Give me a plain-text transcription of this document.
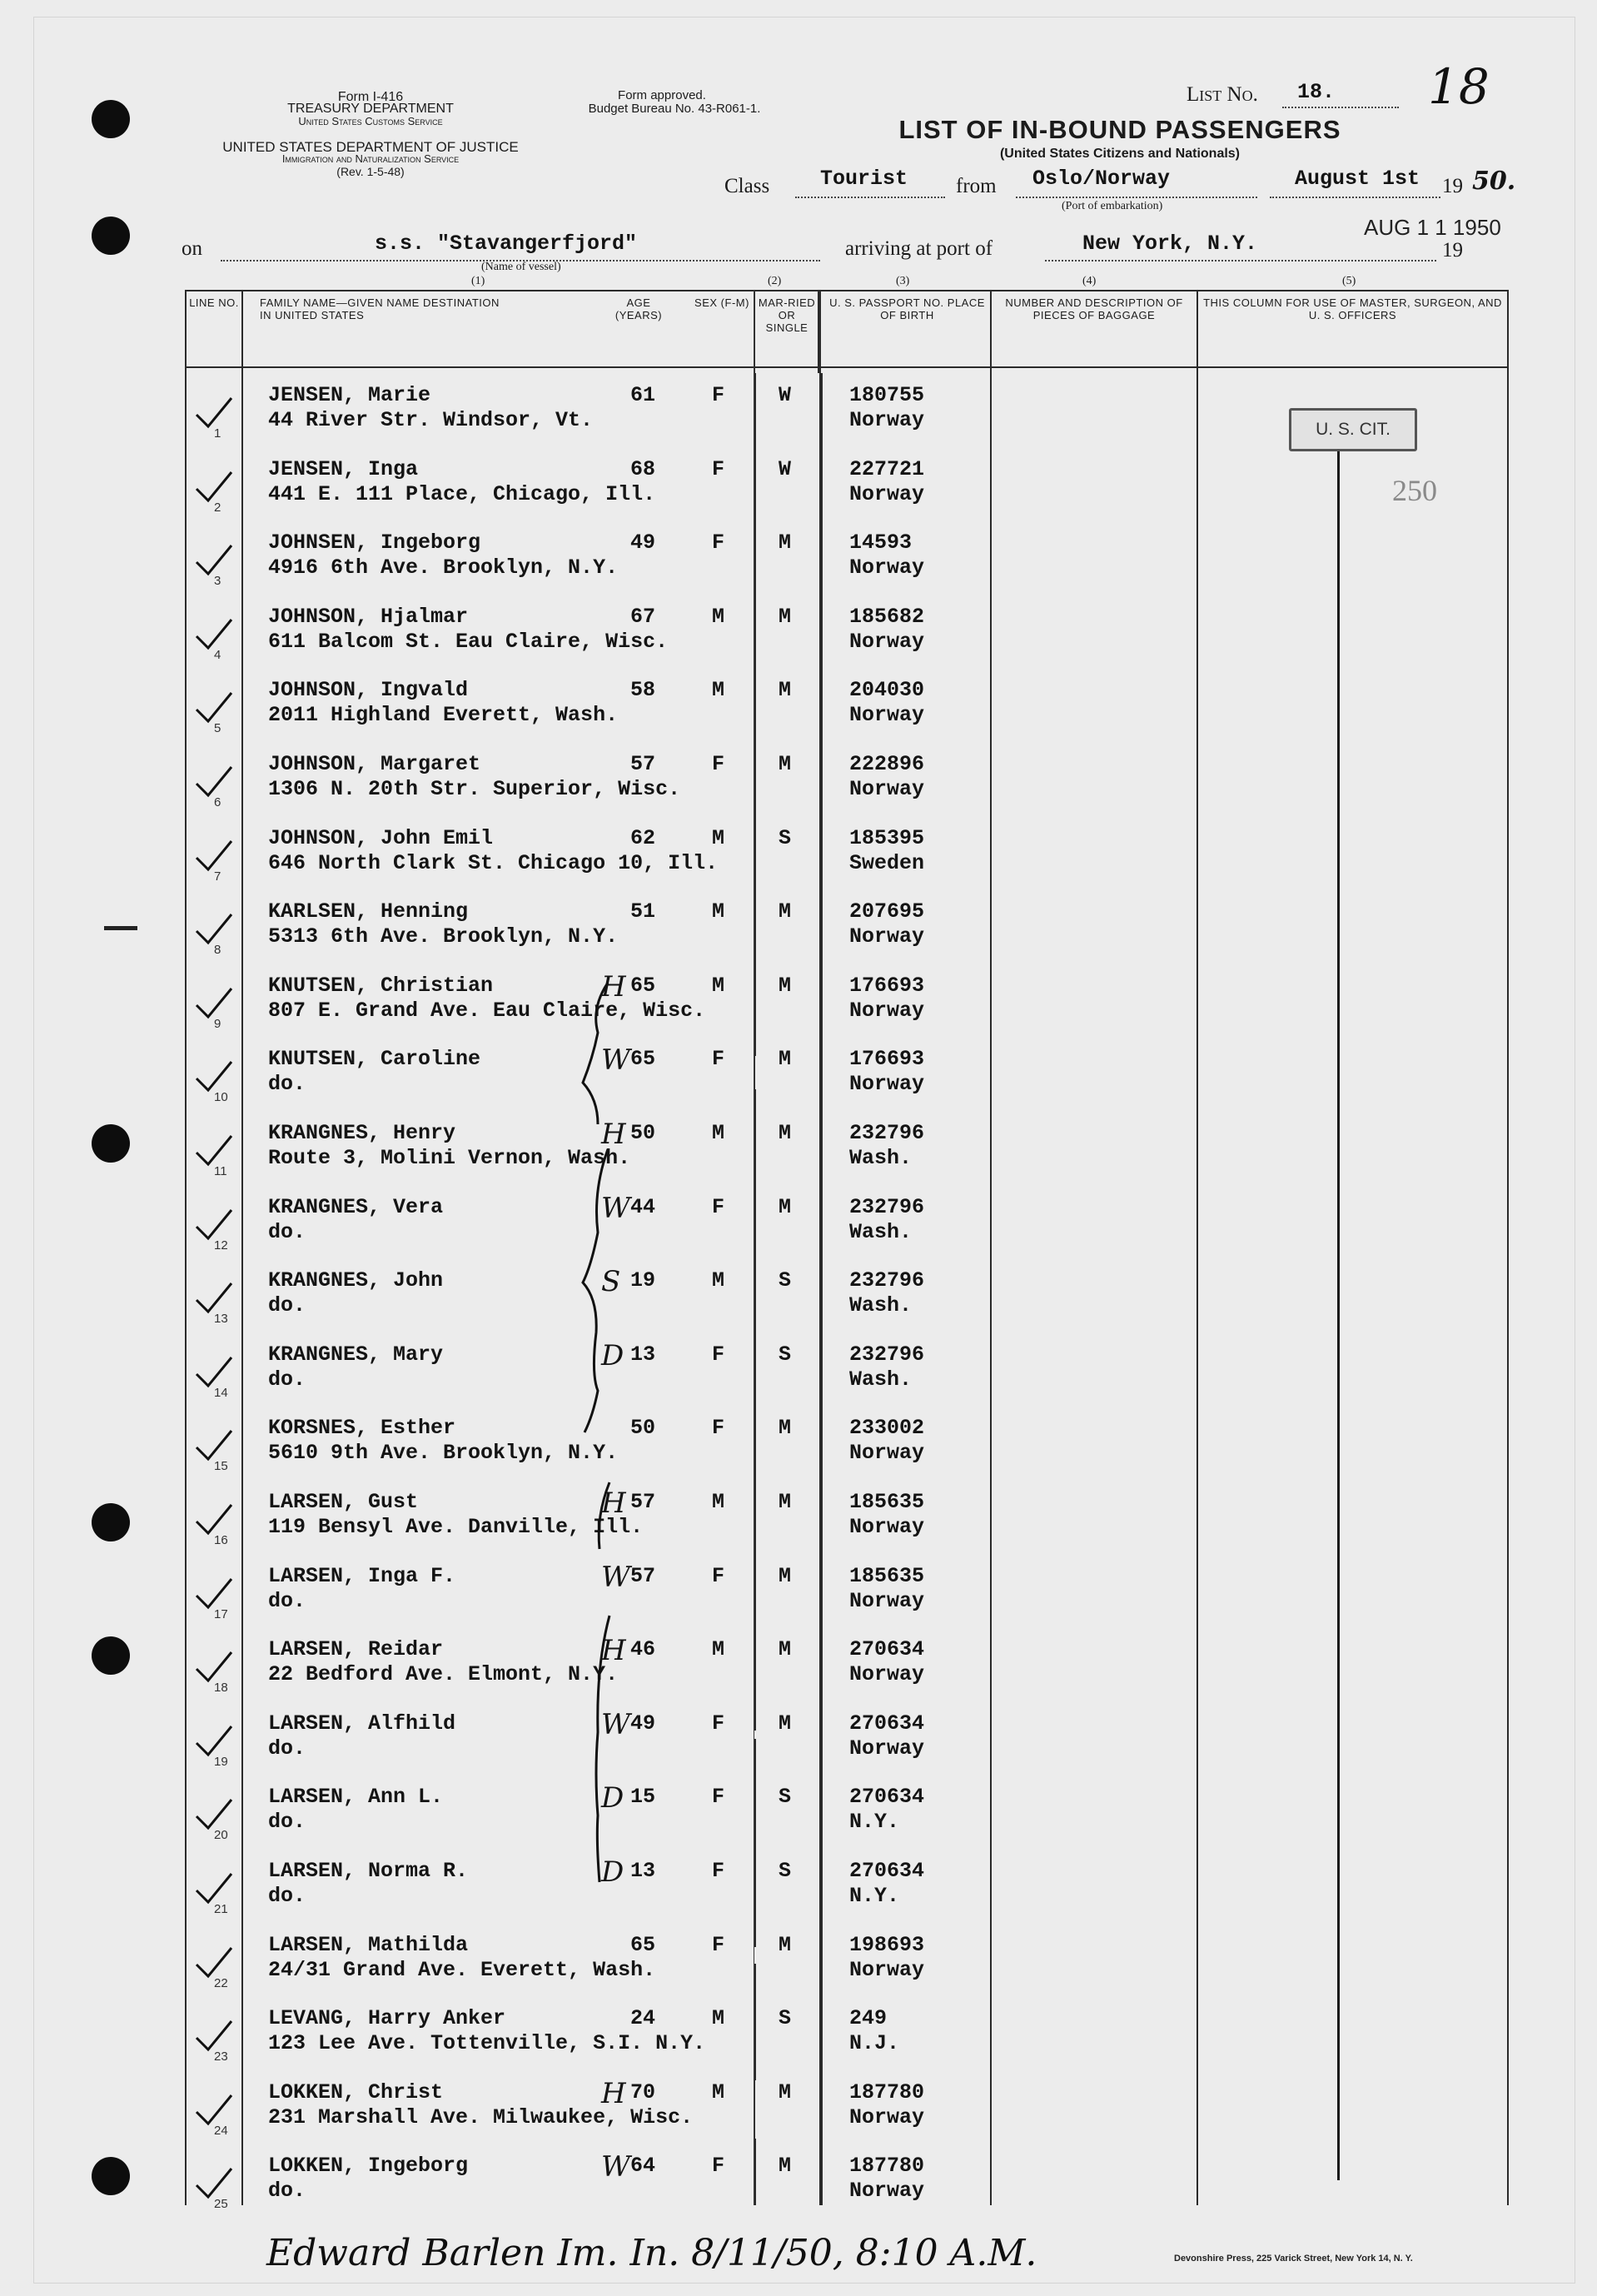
Form I-416
TREASURY DEPARTMENT
United States Customs Service
UNITED STATES DEPARTMENT OF JUSTICE
Immigration and Naturalization Service
(Rev. 1-5-48)
Form approved.
Budget Bureau No. 43-R061-1.
List No. 18. 18
LIST OF IN-BOUND PASSENGERS
(United States Citizens and Nationals)
Class Tourist from Oslo/Norway
(Port of embarkation)
August 1st 19 50.
on	s.s. "Stavangerfjord"
(Name of vessel)
arriving at port of	New York, N.Y.
AUG 1 1 1950
19
(1)	(2)	(3)	(4)	(5)
LINE NO. FAMILY NAME—GIVEN NAME DESTINATION IN UNITED STATES
AGE (YEARS)
SEX (F-M) MAR-RIED OR SINGLE
U. S. PASSPORT NO. PLACE OF BIRTH
NUMBER AND DESCRIPTION OF PIECES OF BAGGAGE
THIS COLUMN FOR USE OF MASTER, SURGEON, AND U. S. OFFICERS
1
JENSEN, Marie
44 River Str. Windsor, Vt.
61	F	W	180755
Norway
2
JENSEN, Inga
441 E. 111 Place, Chicago, Ill.
68	F	W	227721
Norway
3
JOHNSEN, Ingeborg
4916 6th Ave. Brooklyn, N.Y.
49	F	M	14593
Norway
4
JOHNSON, Hjalmar
611 Balcom St. Eau Claire, Wisc.
67	M	M	185682
Norway
5
JOHNSON, Ingvald
2011 Highland Everett, Wash.
58	M	M	204030
Norway
6
JOHNSON, Margaret
1306 N. 20th Str. Superior, Wisc.
57	F	M	222896
Norway
7
JOHNSON, John Emil
646 North Clark St. Chicago 10, Ill.
62	M	S	185395
Sweden
8
KARLSEN, Henning
5313 6th Ave. Brooklyn, N.Y.
51	M	M	207695
Norway
9
KNUTSEN, Christian
807 E. Grand Ave. Eau Claire, Wisc.
65	M	M	176693
Norway
H
10
KNUTSEN, Caroline
do.
65	F	M	176693
Norway
W
11
KRANGNES, Henry
Route 3, Molini Vernon, Wash.
50	M	M	232796
Wash.
H
12
KRANGNES, Vera
do.
44	F	M	232796
Wash.
W
13
KRANGNES, John
do.
19	M	S	232796
Wash.
S
14
KRANGNES, Mary
do.
13	F	S	232796
Wash.
D
15
KORSNES, Esther
5610 9th Ave. Brooklyn, N.Y.
50	F	M	233002
Norway
16
LARSEN, Gust
119 Bensyl Ave. Danville, Ill.
57	M	M	185635
Norway
H
17
LARSEN, Inga F.
do.
57	F	M	185635
Norway
W
18
LARSEN, Reidar
22 Bedford Ave. Elmont, N.Y.
46	M	M	270634
Norway
H
19
LARSEN, Alfhild
do.
49	F	M	270634
Norway
W
20
LARSEN, Ann L.
do.
15	F	S	270634
N.Y.
D
21
LARSEN, Norma R.
do.
13	F	S	270634
N.Y.
D
22
LARSEN, Mathilda
24/31 Grand Ave. Everett, Wash.
65	F	M	198693
Norway
23
LEVANG, Harry Anker
123 Lee Ave. Tottenville, S.I. N.Y.
24	M	S	249
N.J.
24
LOKKEN, Christ
231 Marshall Ave. Milwaukee, Wisc.
70	M	M	187780
Norway
H
25
LOKKEN, Ingeborg
do.
64	F	M	187780
Norway
W
U. S. CIT.
250
Edward Barlen Im. In. 8/11/50, 8:10 A.M.	Devonshire Press, 225 Varick Street, New York 14, N. Y.
